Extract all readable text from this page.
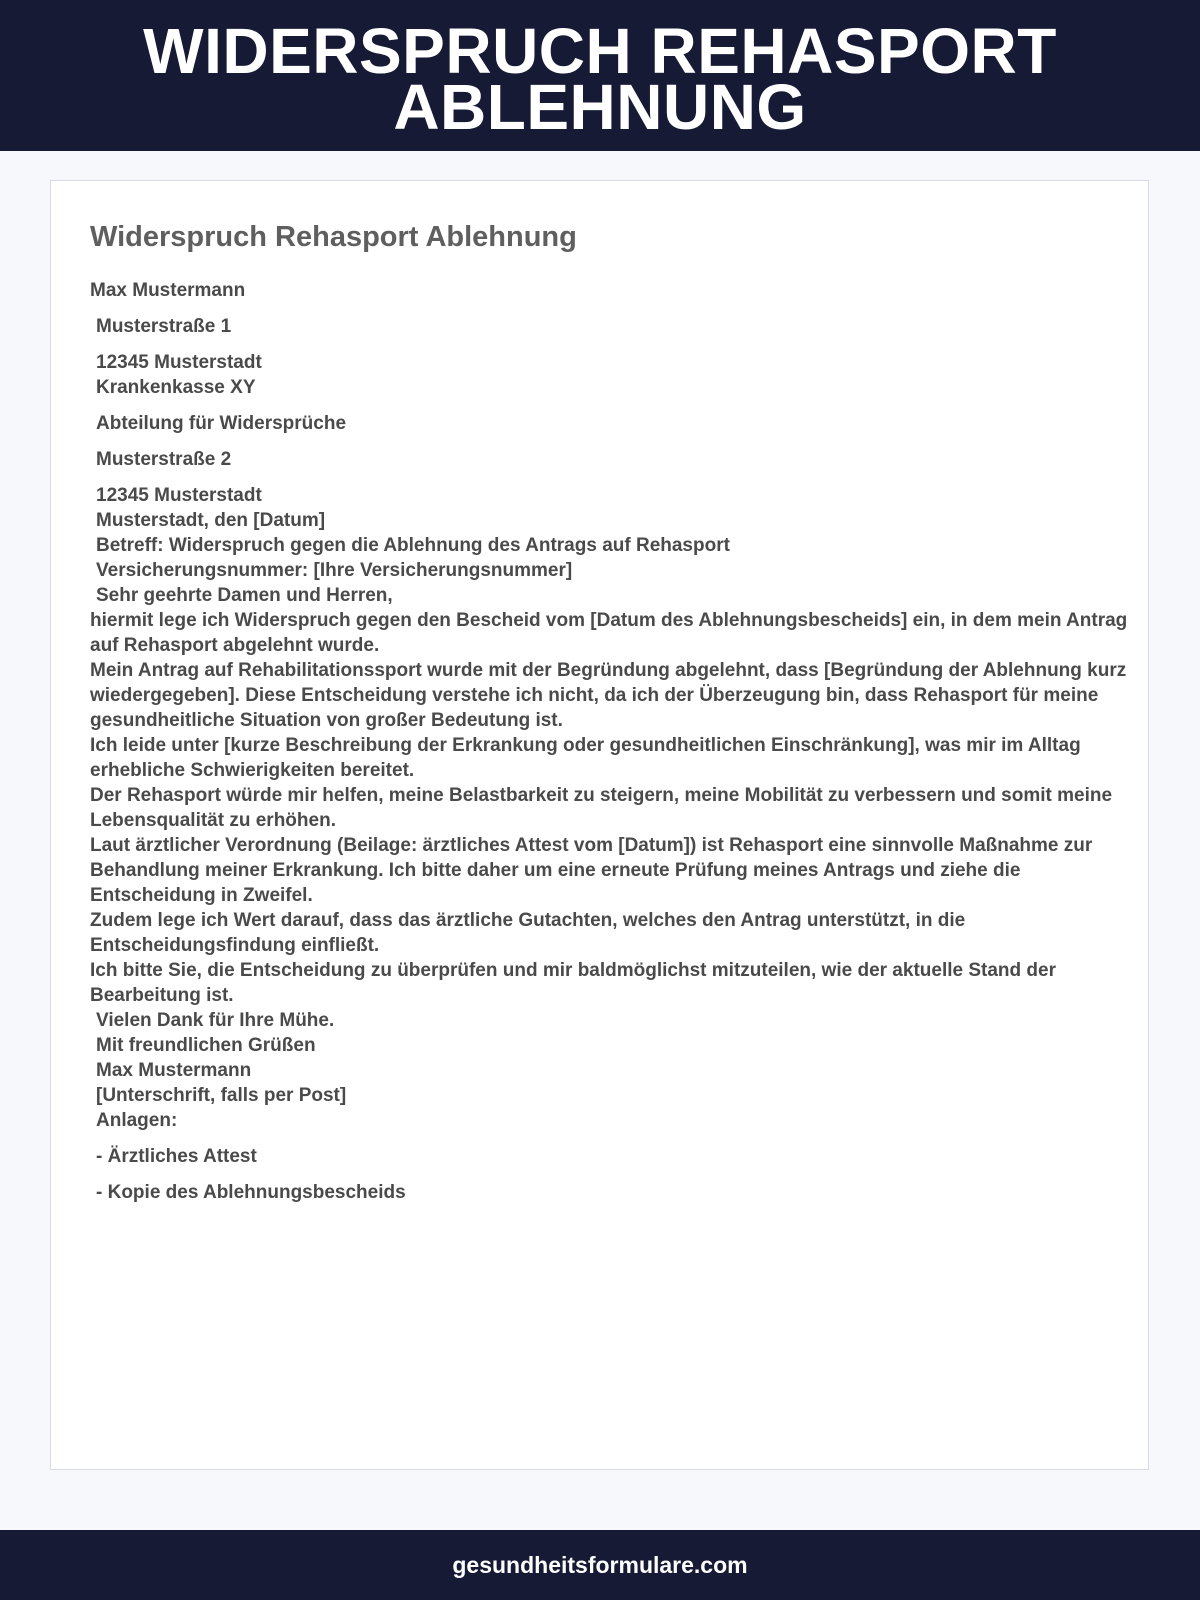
WIDERSPRUCH REHASPORT ABLEHNUNG
Widerspruch Rehasport Ablehnung

Max Mustermann

Musterstraße 1

12345 Musterstadt

Krankenkasse XY

Abteilung für Widersprüche

Musterstraße 2

12345 Musterstadt

Musterstadt, den [Datum]

Betreff: Widerspruch gegen die Ablehnung des Antrags auf Rehasport

Versicherungsnummer: [Ihre Versicherungsnummer]

Sehr geehrte Damen und Herren,

hiermit lege ich Widerspruch gegen den Bescheid vom [Datum des Ablehnungsbescheids] ein, in dem mein Antrag auf Rehasport abgelehnt wurde.

Mein Antrag auf Rehabilitationssport wurde mit der Begründung abgelehnt, dass [Begründung der Ablehnung kurz wiedergegeben]. Diese Entscheidung verstehe ich nicht, da ich der Überzeugung bin, dass Rehasport für meine gesundheitliche Situation von großer Bedeutung ist.

Ich leide unter [kurze Beschreibung der Erkrankung oder gesundheitlichen Einschränkung], was mir im Alltag erhebliche Schwierigkeiten bereitet.

Der Rehasport würde mir helfen, meine Belastbarkeit zu steigern, meine Mobilität zu verbessern und somit meine Lebensqualität zu erhöhen.

Laut ärztlicher Verordnung (Beilage: ärztliches Attest vom [Datum]) ist Rehasport eine sinnvolle Maßnahme zur Behandlung meiner Erkrankung. Ich bitte daher um eine erneute Prüfung meines Antrags und ziehe die Entscheidung in Zweifel.

Zudem lege ich Wert darauf, dass das ärztliche Gutachten, welches den Antrag unterstützt, in die Entscheidungsfindung einfließt.

Ich bitte Sie, die Entscheidung zu überprüfen und mir baldmöglichst mitzuteilen, wie der aktuelle Stand der Bearbeitung ist.

Vielen Dank für Ihre Mühe.

Mit freundlichen Grüßen

Max Mustermann

[Unterschrift, falls per Post]

Anlagen:

- Ärztliches Attest

- Kopie des Ablehnungsbescheids

gesundheitsformulare.com
